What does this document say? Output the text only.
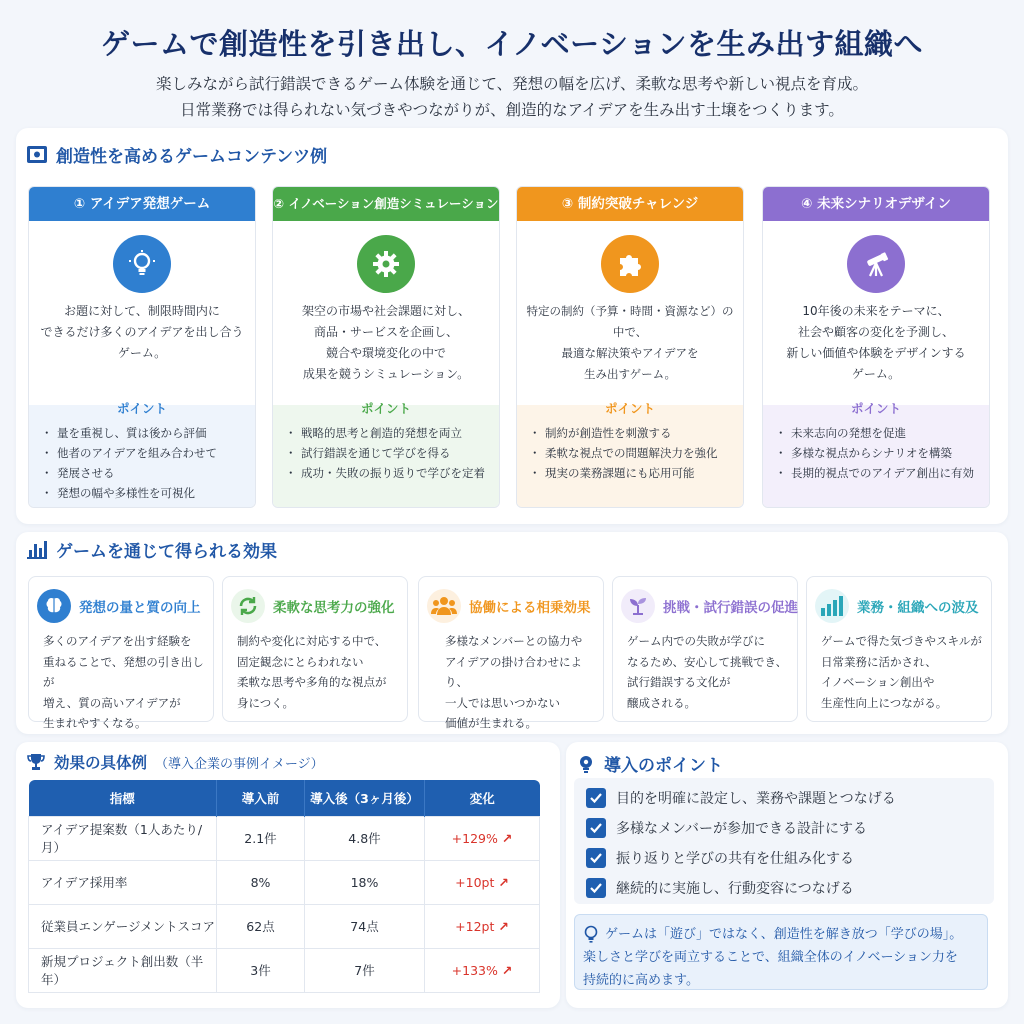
ゲームで創造性を引き出し、イノベーションを生み出す組織へ
楽しみながら試行錯誤できるゲーム体験を通じて、発想の幅を広げ、柔軟な思考や新しい視点を育成。
日常業務では得られない気づきやつながりが、創造的なアイデアを生み出す土壌をつくります。
創造性を高めるゲームコンテンツ例
① アイデア発想ゲーム
お題に対して、制限時間内に
できるだけ多くのアイデアを出し合う
ゲーム。
ポイント
・ 量を重視し、質は後から評価
・ 他者のアイデアを組み合わせて
・ 発展させる
・ 発想の幅や多様性を可視化
② イノベーション創造シミュレーション
架空の市場や社会課題に対し、
商品・サービスを企画し、
競合や環境変化の中で
成果を競うシミュレーション。
ポイント
・ 戦略的思考と創造的発想を両立
・ 試行錯誤を通じて学びを得る
・ 成功・失敗の振り返りで学びを定着
③ 制約突破チャレンジ
特定の制約（予算・時間・資源など）の中で、
最適な解決策やアイデアを
生み出すゲーム。
ポイント
・ 制約が創造性を刺激する
・ 柔軟な視点での問題解決力を強化
・ 現実の業務課題にも応用可能
④ 未来シナリオデザイン
10年後の未来をテーマに、
社会や顧客の変化を予測し、
新しい価値や体験をデザインする
ゲーム。
ポイント
・ 未来志向の発想を促進
・ 多様な視点からシナリオを構築
・ 長期的視点でのアイデア創出に有効
ゲームを通じて得られる効果
発想の量と質の向上
多くのアイデアを出す経験を
重ねることで、発想の引き出しが
増え、質の高いアイデアが
生まれやすくなる。
柔軟な思考力の強化
制約や変化に対応する中で、
固定観念にとらわれない
柔軟な思考や多角的な視点が
身につく。
協働による相乗効果
多様なメンバーとの協力や
アイデアの掛け合わせにより、
一人では思いつかない
価値が生まれる。
挑戦・試行錯誤の促進
ゲーム内での失敗が学びに
なるため、安心して挑戦でき、
試行錯誤する文化が
醸成される。
業務・組織への波及
ゲームで得た気づきやスキルが
日常業務に活かされ、
イノベーション創出や
生産性向上につながる。
効果の具体例 （導入企業の事例イメージ）
指標	導入前	導入後（3ヶ月後）	変化
アイデア提案数（1人あたり/月）	2.1件	4.8件	+129% ↗
アイデア採用率	8%	18%	+10pt ↗
従業員エンゲージメントスコア	62点	74点	+12pt ↗
新規プロジェクト創出数（半年）	3件	7件	+133% ↗
導入のポイント
目的を明確に設定し、業務や課題とつなげる
多様なメンバーが参加できる設計にする
振り返りと学びの共有を仕組み化する
継続的に実施し、行動変容につなげる
ゲームは「遊び」ではなく、創造性を解き放つ「学びの場」。
楽しさと学びを両立することで、組織全体のイノベーション力を
持続的に高めます。
